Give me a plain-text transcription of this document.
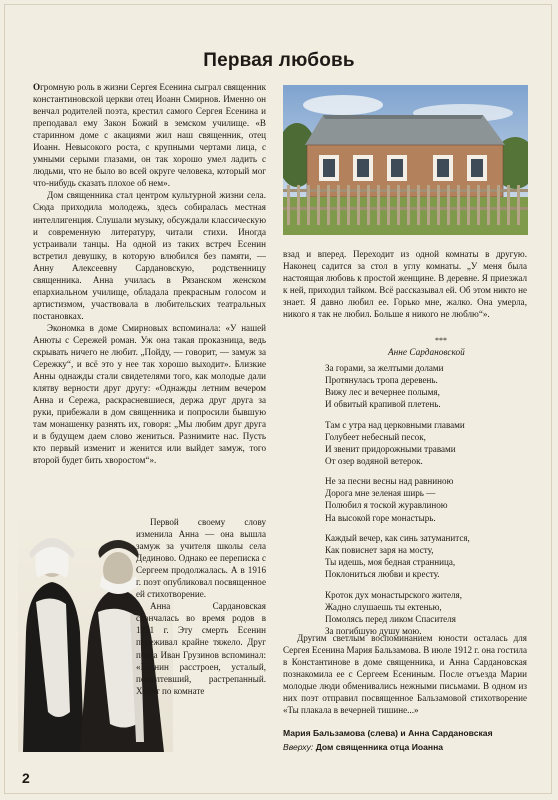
Первая любовь

Огромную роль в жизни Сергея Есенина сыграл священник константиновской церкви отец Иоанн Смирнов. Именно он венчал родителей поэта, крестил самого Сергея Есенина и преподавал ему Закон Божий в земском училище. «В старинном доме с акациями жил наш священник, отец Иоанн. Невысокого роста, с крупными чертами лица, с умными серыми глазами, он так хорошо умел ладить с людьми, что не было во всей округе человека, который мог что-нибудь сказать плохое об нем».

Дом священника стал центром культурной жизни села. Сюда приходила молодежь, здесь собиралась местная интеллигенция. Слушали музыку, обсуждали классическую и современную литературу, читали стихи. Иногда устраивали танцы. На одной из таких встреч Есенин встретил девушку, в которую влюбился без памяти, — Анну Алексеевну Сардановскую, родственницу священника. Анна училась в Рязанском женском епархиальном училище, обладала прекрасным голосом и артистизмом, участвовала в любительских театральных постановках.

Экономка в доме Смирновых вспоминала: «У нашей Анюты с Сережей роман. Уж она такая проказница, ведь скрывать ничего не любит. „Пойду, — говорит, — замуж за Сережку“, и всё это у нее так хорошо выходит». Близкие Анны однажды стали свидетелями того, как молодые дали клятву верности друг другу: «Однажды летним вечером Анна и Сережа, раскрасневшиеся, держа друг друга за руки, прибежали в дом священника и попросили бывшую там монашенку разнять их, говоря: „Мы любим друг друга и в будущем даем слово жениться. Разнимите нас. Пусть кто первый изменит и женится или выйдет замуж, того второй будет бить хворостом“».

Первой своему слову изменила Анна — она вышла замуж за учителя школы села Дединово. Однако ее переписка с Сергеем продолжалась. А в 1916 г. поэт опубликовал посвященное ей стихотворение.

Анна Сардановская скончалась во время родов в 1921 г. Эту смерть Есенин переживал крайне тяжело. Друг поэта Иван Грузинов вспоминал: «Есенин расстроен, усталый, пожелтевший, растрепанный. Ходит по комнате

взад и вперед. Переходит из одной комнаты в другую. Наконец садится за стол в углу комнаты. „У меня была настоящая любовь к простой женщине. В деревне. Я приезжал к ней, приходил тайком. Всё рассказывал ей. Об этом никто не знает. Я давно любил ее. Горько мне, жалко. Она умерла, никого я так не любил. Больше я никого не люблю“».

***

Анне Сардановской

За горами, за желтыми долами
Протянулась тропа деревень.
Вижу лес и вечернее полымя,
И обвитый крапивой плетень.
Там с утра над церковными главами
Голубеет небесный песок,
И звенит придорожными травами
От озер водяной ветерок.
Не за песни весны над равниною
Дорога мне зеленая ширь —
Полюбил я тоской журавлиною
На высокой горе монастырь.
Каждый вечер, как синь затуманится,
Как повиснет заря на мосту,
Ты идешь, моя бедная странница,
Поклониться любви и кресту.
Кроток дух монастырского жителя,
Жадно слушаешь ты ектенью,
Помолясь перед ликом Спасителя
За погибшую душу мою.

Другим светлым воспоминанием юности осталась для Сергея Есенина Мария Бальзамова. В июле 1912 г. она гостила в Константинове в доме священника, и Анна Сардановская познакомила ее с Сергеем Есениным. После отъезда Марии молодые люди обменивались нежными письмами. В одном из них поэт отправил посвященное Бальзамовой стихотворение «Ты плакала в вечерней тишине...»

Мария Бальзамова (слева) и Анна Сардановская

Вверху: Дом священника отца Иоанна

2
